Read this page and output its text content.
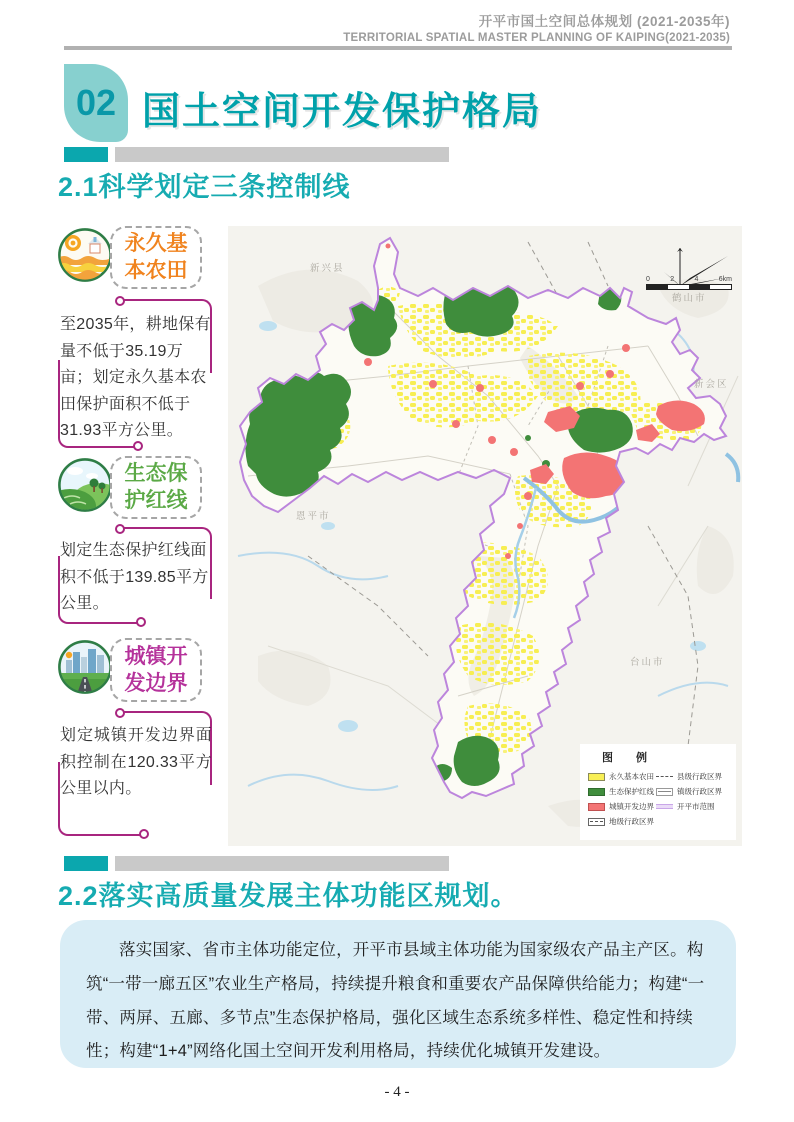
开平市国土空间总体规划 (2021-2035年)
TERRITORIAL SPATIAL MASTER PLANNING OF KAIPING(2021-2035)
02 国土空间开发保护格局
2.1科学划定三条控制线
永久基本农田

至2035年，耕地保有量不低于35.19万亩；划定永久基本农田保护面积不低于31.93平方公里。

生态保护红线

划定生态保护红线面积不低于139.85平方公里。

城镇开发边界

划定城镇开发边界面积控制在120.33平方公里以内。

新兴县
鹤山市
新会区
恩平市
台山市
0	2	4	6km
图 例
永久基本农田
生态保护红线
城镇开发边界
地级行政区界
县级行政区界
镇级行政区界
开平市范围
2.2落实高质量发展主体功能区规划。

落实国家、省市主体功能定位，开平市县域主体功能为国家级农产品主产区。构筑“一带一廊五区”农业生产格局，持续提升粮食和重要农产品保障供给能力；构建“一带、两屏、五廊、多节点”生态保护格局，强化区域生态系统多样性、稳定性和持续性；构建“1+4”网络化国土空间开发利用格局，持续优化城镇开发建设。

- 4 -
